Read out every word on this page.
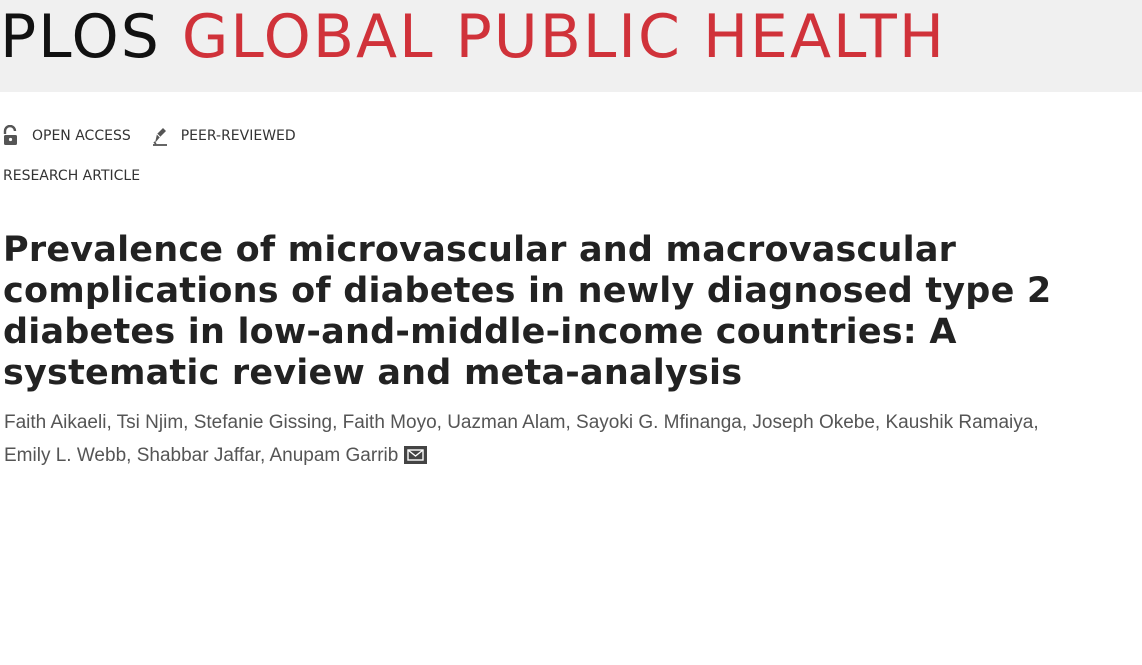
PLOS GLOBAL PUBLIC HEALTH
OPEN ACCESS	PEER-REVIEWED
RESEARCH ARTICLE
Prevalence of microvascular and macrovascular complications of diabetes in newly diagnosed type 2 diabetes in low-and-middle-income countries: A systematic review and meta-analysis
Faith Aikaeli, Tsi Njim, Stefanie Gissing, Faith Moyo, Uazman Alam, Sayoki G. Mfinanga, Joseph Okebe, Kaushik Ramaiya, Emily L. Webb, Shabbar Jaffar, Anupam Garrib
